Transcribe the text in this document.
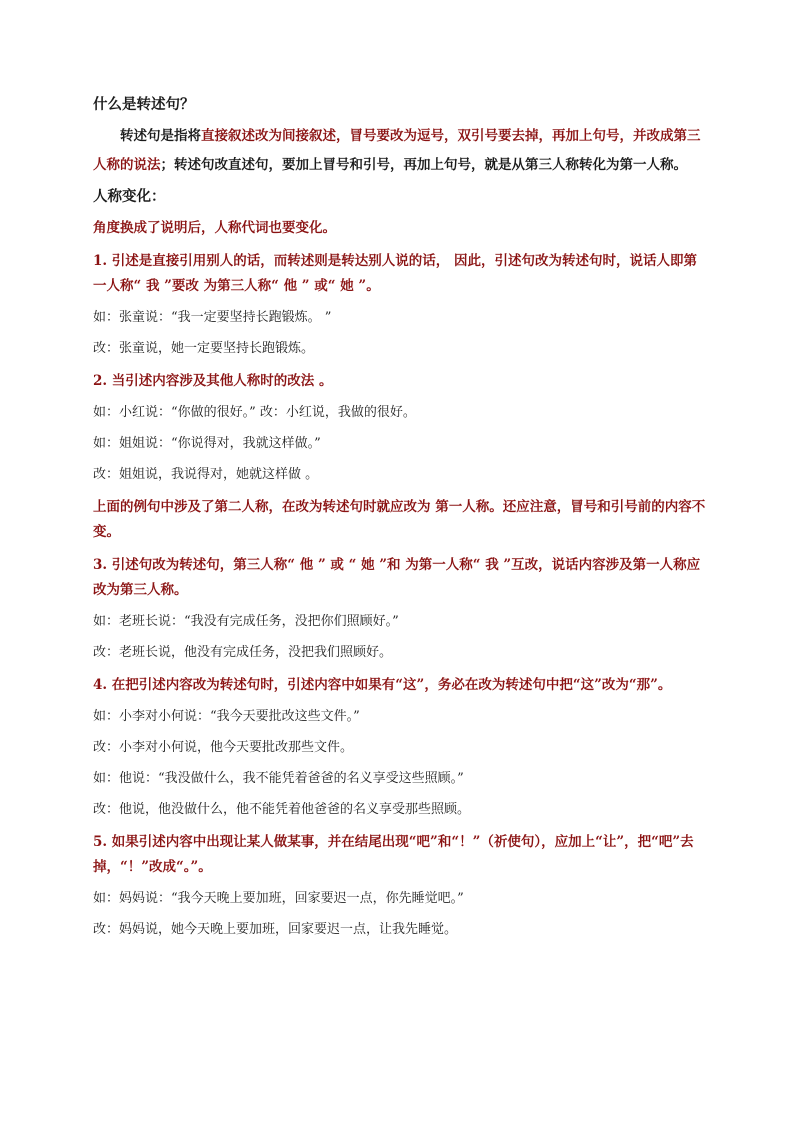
什么是转述句？

转述句是指将直接叙述改为间接叙述，冒号要改为逗号，双引号要去掉，再加上句号，并改成第三人称的说法；转述句改直述句，要加上冒号和引号，再加上句号，就是从第三人称转化为第一人称。

人称变化：

角度换成了说明后，人称代词也要变化。

1. 引述是直接引用别人的话，而转述则是转达别人说的话， 因此，引述句改为转述句时，说话人即第一人称“ 我 ”要改 为第三人称“ 他 ” 或“ 她 ”。

如：张童说：“我一定要坚持长跑锻炼。 ”

改：张童说，她一定要坚持长跑锻炼。

2. 当引述内容涉及其他人称时的改法 。

如：小红说：“你做的很好。” 改：小红说，我做的很好。

如：姐姐说：“你说得对，我就这样做。”

改：姐姐说，我说得对，她就这样做 。

上面的例句中涉及了第二人称，在改为转述句时就应改为 第一人称。还应注意，冒号和引号前的内容不变。

3. 引述句改为转述句，第三人称“ 他 ” 或 “ 她 ”和 为第一人称“ 我 ”互改，说话内容涉及第一人称应改为第三人称。

如：老班长说：“我没有完成任务，没把你们照顾好。”

改：老班长说，他没有完成任务，没把我们照顾好。

4. 在把引述内容改为转述句时，引述内容中如果有“这”，务必在改为转述句中把“这”改为“那”。

如：小李对小何说：“我今天要批改这些文件。”

改：小李对小何说，他今天要批改那些文件。

如：他说：“我没做什么，我不能凭着爸爸的名义享受这些照顾。”

改：他说，他没做什么，他不能凭着他爸爸的名义享受那些照顾。

5. 如果引述内容中出现让某人做某事，并在结尾出现“吧”和“！”（祈使句），应加上“让”，把“吧”去掉，“！”改成“。”。

如：妈妈说：“我今天晚上要加班，回家要迟一点，你先睡觉吧。”

改：妈妈说，她今天晚上要加班，回家要迟一点，让我先睡觉。
